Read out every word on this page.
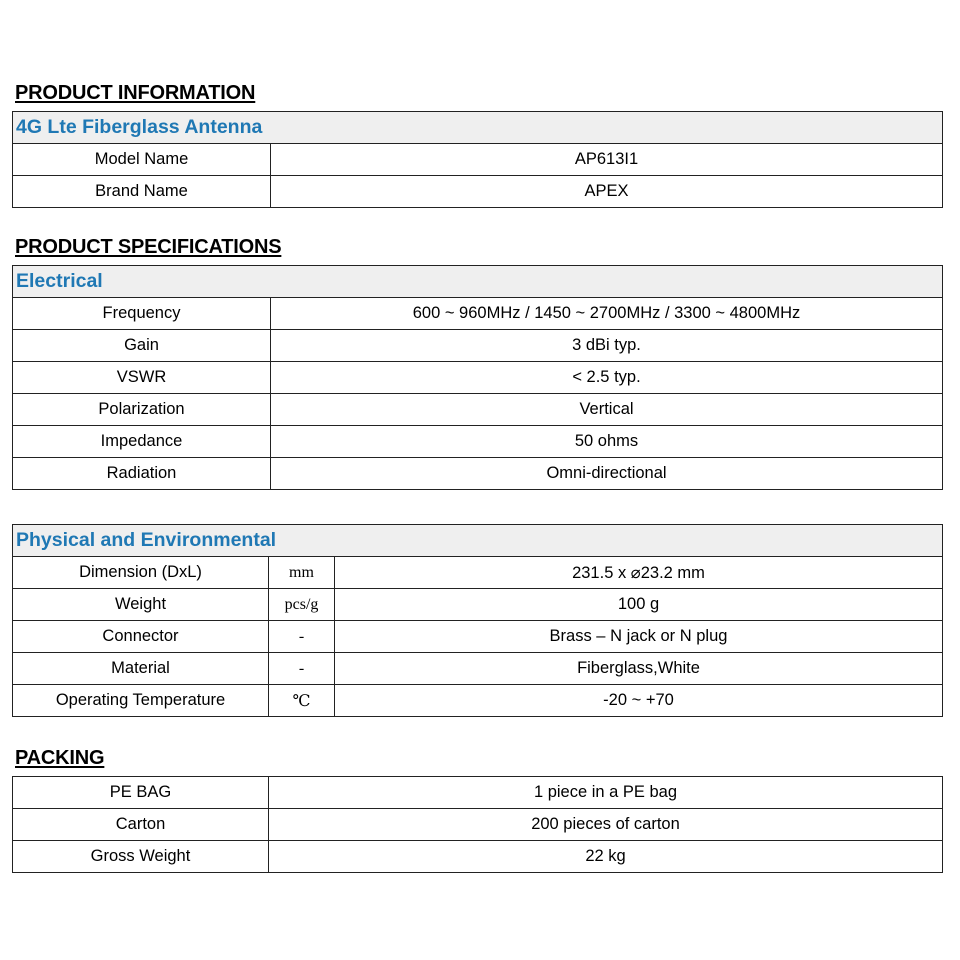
PRODUCT INFORMATION
4G Lte Fiberglass Antenna	
Model Name	AP613I1
Brand Name	APEX
PRODUCT SPECIFICATIONS
Electrical	
Frequency	600 ~ 960MHz / 1450 ~ 2700MHz / 3300 ~ 4800MHz
Gain	3 dBi typ.
VSWR	< 2.5 typ.
Polarization	Vertical
Impedance	50 ohms
Radiation	Omni-directional
Physical and Environmental		
Dimension (DxL)	mm	231.5 x ⌀23.2 mm
Weight	pcs/g	100 g
Connector	-	Brass – N jack or N plug
Material	-	Fiberglass,White
Operating Temperature	℃	-20 ~ +70
PACKING
PE BAG	1 piece in a PE bag
Carton	200 pieces of carton
Gross Weight	22 kg
